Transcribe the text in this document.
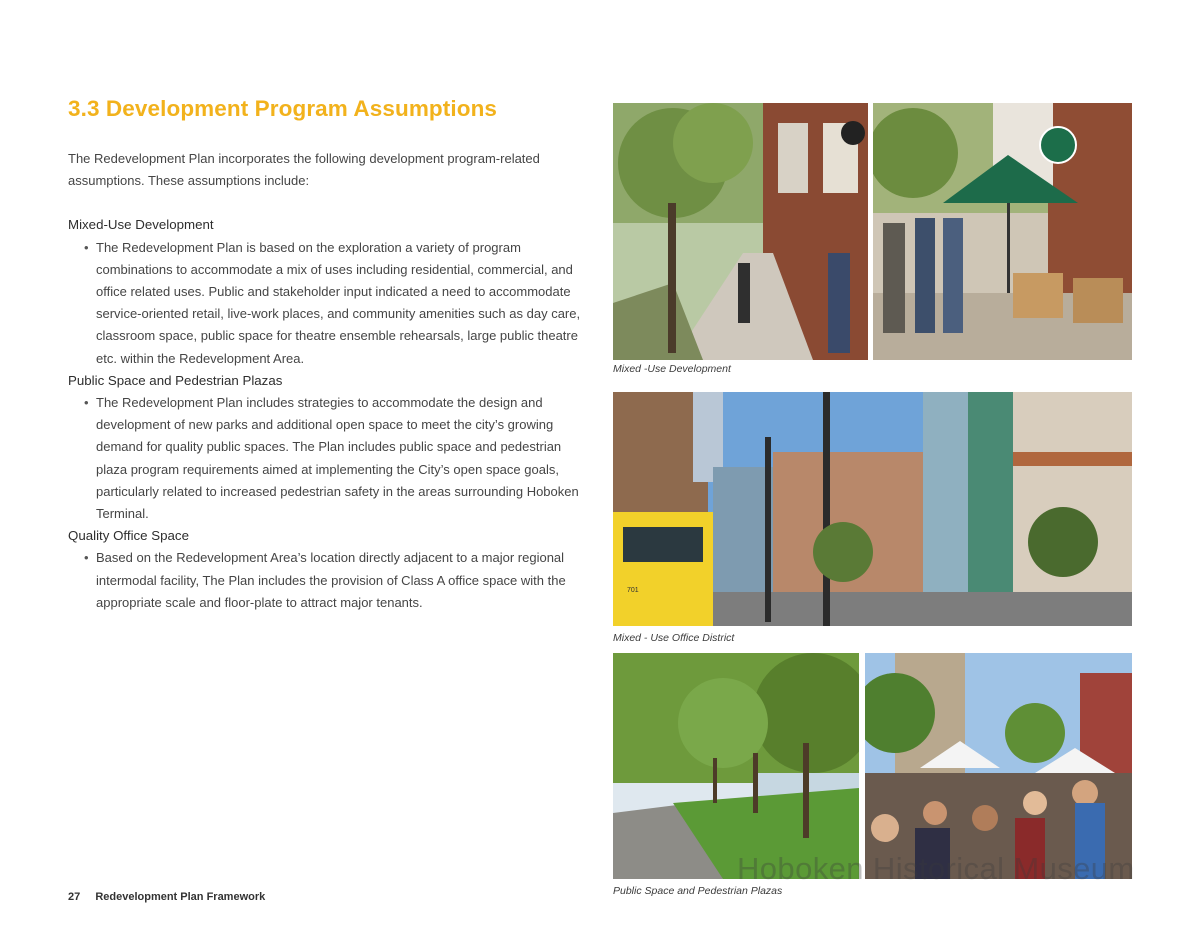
3.3 Development Program Assumptions

The Redevelopment Plan incorporates the following development program-related assumptions. These assumptions include:

Mixed-Use Development
• The Redevelopment Plan is based on the exploration a variety of program combinations to accommodate a mix of uses including residential, commercial, and office related uses. Public and stakeholder input indicated a need to accommodate service-oriented retail, live-work places, and community amenities such as day care, classroom space, public space for theatre ensemble rehearsals, large public theatre etc. within the Redevelopment Area.
Public Space and Pedestrian Plazas
• The Redevelopment Plan includes strategies to accommodate the design and development of new parks and additional open space to meet the city’s growing demand for quality public spaces. The Plan includes public space and pedestrian plaza program requirements aimed at implementing the City’s open space goals, particularly related to increased pedestrian safety in the areas surrounding Hoboken Terminal.
Quality Office Space
• Based on the Redevelopment Area’s location directly adjacent to a major regional intermodal facility, The Plan includes the provision of Class A office space with the appropriate scale and floor-plate to attract major tenants.
Mixed -Use Development
701
Mixed - Use Office District
Public Space and Pedestrian Plazas
27 Redevelopment Plan Framework
Hoboken Historical Museum
